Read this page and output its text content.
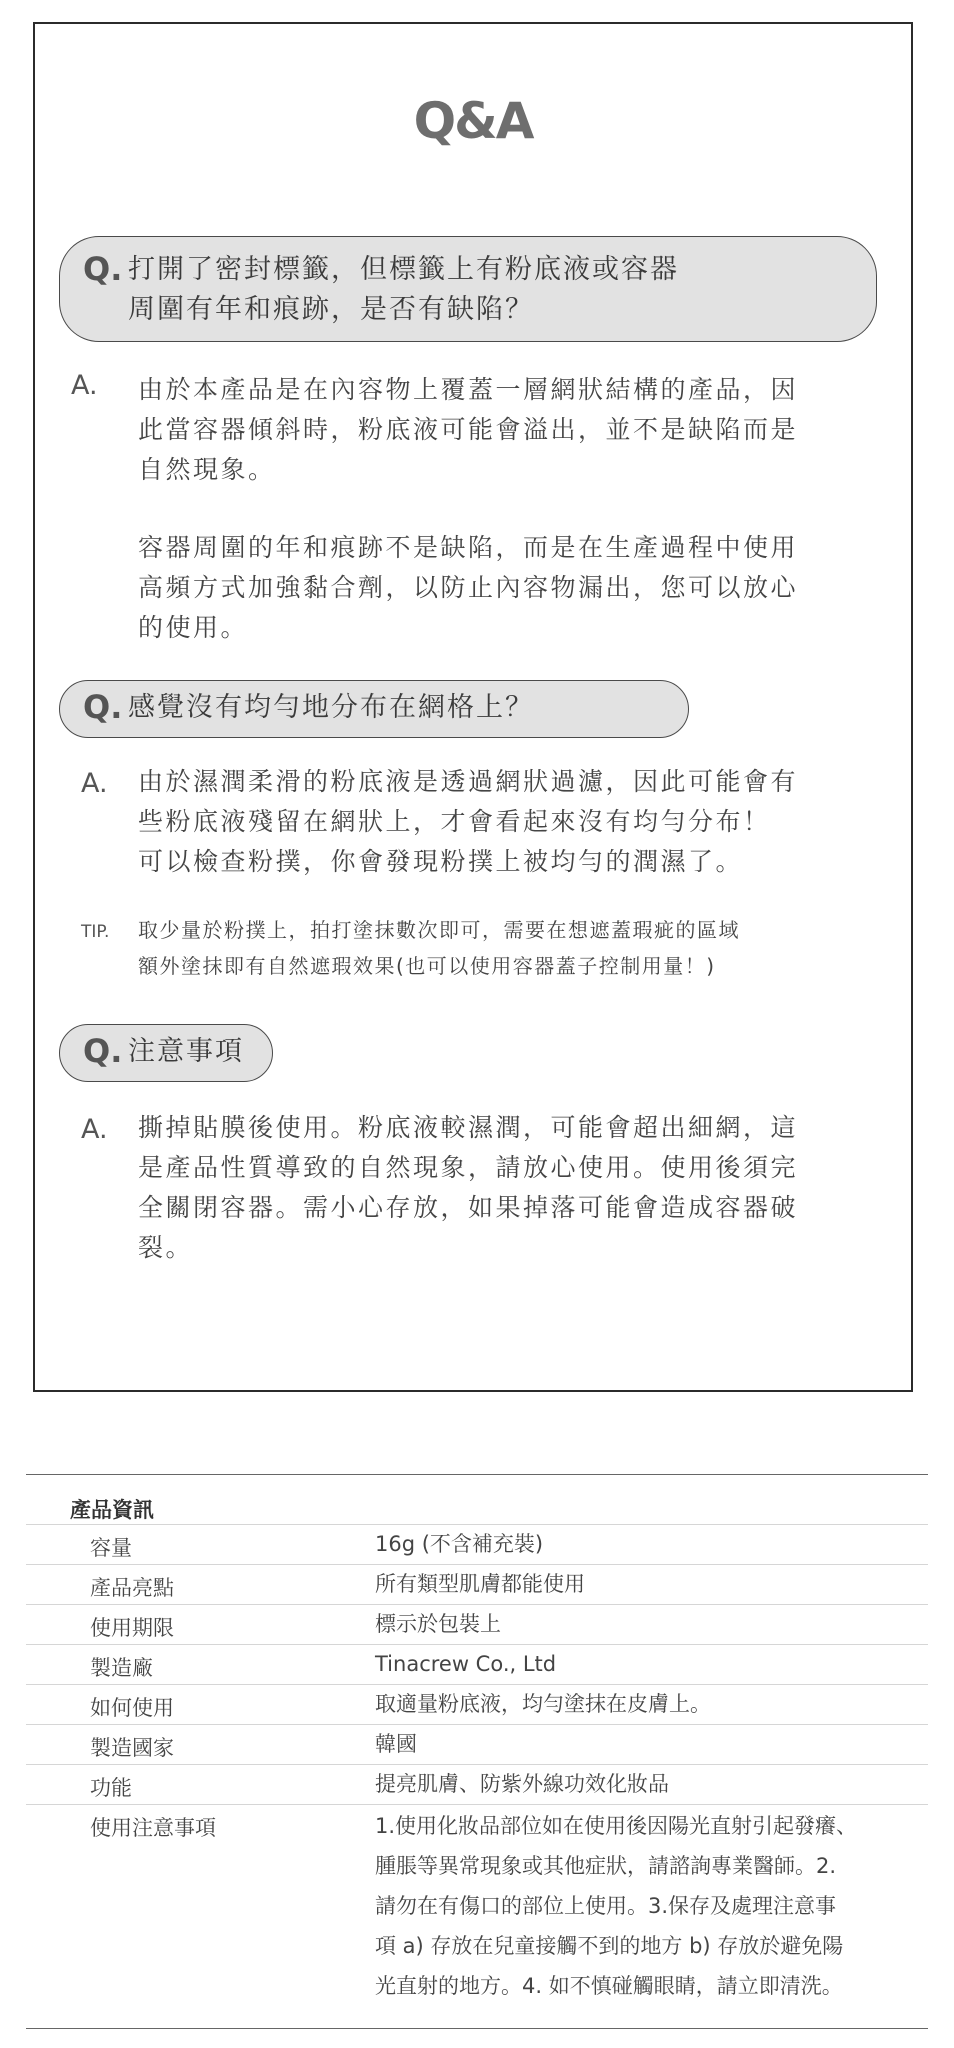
Q&A
Q. 打開了密封標籤，但標籤上有粉底液或容器
周圍有年和痕跡，是否有缺陷？
A. 由於本產品是在內容物上覆蓋一層網狀結構的產品，因
此當容器傾斜時，粉底液可能會溢出，並不是缺陷而是
自然現象。
容器周圍的年和痕跡不是缺陷，而是在生產過程中使用
高頻方式加強黏合劑，以防止內容物漏出，您可以放心
的使用。
Q. 感覺沒有均勻地分布在網格上？
A. 由於濕潤柔滑的粉底液是透過網狀過濾，因此可能會有
些粉底液殘留在網狀上，才會看起來沒有均勻分布！
可以檢查粉撲，你會發現粉撲上被均勻的潤濕了。
TIP. 取少量於粉撲上，拍打塗抹數次即可，需要在想遮蓋瑕疵的區域
額外塗抹即有自然遮瑕效果(也可以使用容器蓋子控制用量！)
Q. 注意事項
A. 撕掉貼膜後使用。粉底液較濕潤，可能會超出細網，這
是產品性質導致的自然現象，請放心使用。使用後須完
全關閉容器。需小心存放，如果掉落可能會造成容器破
裂。
產品資訊
容量	16g (不含補充裝)
產品亮點	所有類型肌膚都能使用
使用期限	標示於包裝上
製造廠	Tinacrew Co., Ltd
如何使用	取適量粉底液，均勻塗抹在皮膚上。
製造國家	韓國
功能	提亮肌膚、防紫外線功效化妝品
使用注意事項	1.使用化妝品部位如在使用後因陽光直射引起發癢、
腫脹等異常現象或其他症狀，請諮詢專業醫師。2.
請勿在有傷口的部位上使用。3.保存及處理注意事
項 a) 存放在兒童接觸不到的地方 b) 存放於避免陽
光直射的地方。4. 如不慎碰觸眼睛，請立即清洗。
